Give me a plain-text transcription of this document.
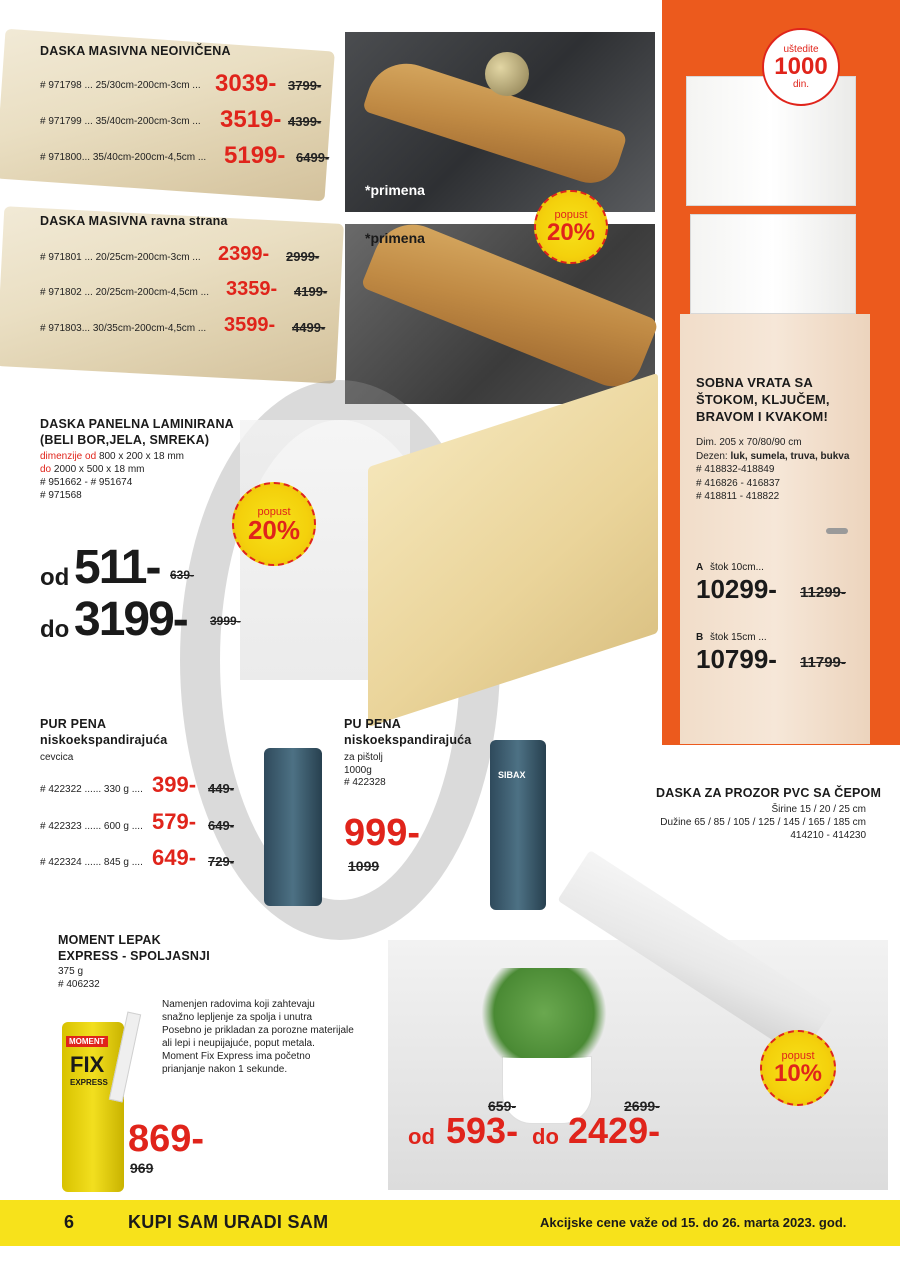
DASKA MASIVNA NEOIVIČENA
# 971798 ... 25/30cm-200cm-3cm ... 3039- 3799-
# 971799 ... 35/40cm-200cm-3cm ... 3519- 4399-
# 971800... 35/40cm-200cm-4,5cm ... 5199- 6499-
DASKA MASIVNA ravna strana
# 971801 ... 20/25cm-200cm-3cm ... 2399- 2999-
# 971802 ... 20/25cm-200cm-4,5cm ... 3359- 4199-
# 971803... 30/35cm-200cm-4,5cm ... 3599- 4499-
*primena
*primena
popust
20%
uštedite
1000
din.
SOBNA VRATA SA
ŠTOKOM, KLJUČEM,
BRAVOM I KVAKOM!
Dim. 205 x 70/80/90 cm
Dezen: luk, sumela, truva, bukva
# 418832-418849
# 416826 - 416837
# 418811 - 418822
A štok 10cm...
10299- 11299-
B štok 15cm ...
10799- 11799-
DASKA PANELNA LAMINIRANA
(BELI BOR,JELA, SMREKA)
dimenzije od 800 x 200 x 18 mm
do 2000 x 500 x 18 mm
# 951662 - # 951674
# 971568
popust
20%
od 511- 639-
do 3199- 3999-
PUR PENA
niskoekspandirajuća
cevcica
# 422322 ...... 330 g .... 399- 449-
# 422323 ...... 600 g .... 579- 649-
# 422324 ...... 845 g .... 649- 729-
PU PENA
niskoekspandirajuća
za pištolj
1000g
# 422328
999-
1099
SIBAX
DASKA ZA PROZOR PVC SA ČEPOM
Širine 15 / 20 / 25 cm
Dužine 65 / 85 / 105 / 125 / 145 / 165 / 185 cm
414210 - 414230
popust
10%
659-	2699-
od 593- do 2429-
MOMENT LEPAK
EXPRESS - SPOLJASNJI
375 g
# 406232
Namenjen radovima koji zahtevaju
snažno lepljenje za spolja i unutra
Posebno je prikladan za porozne materijale
ali lepi i neupijajuće, poput metala.
Moment Fix Express ima početno
prianjanje nakon 1 sekunde.
MOMENT
FIX
EXPRESS
869-
969
6	KUPI SAM URADI SAM	Akcijske cene važe od 15. do 26. marta 2023. god.
